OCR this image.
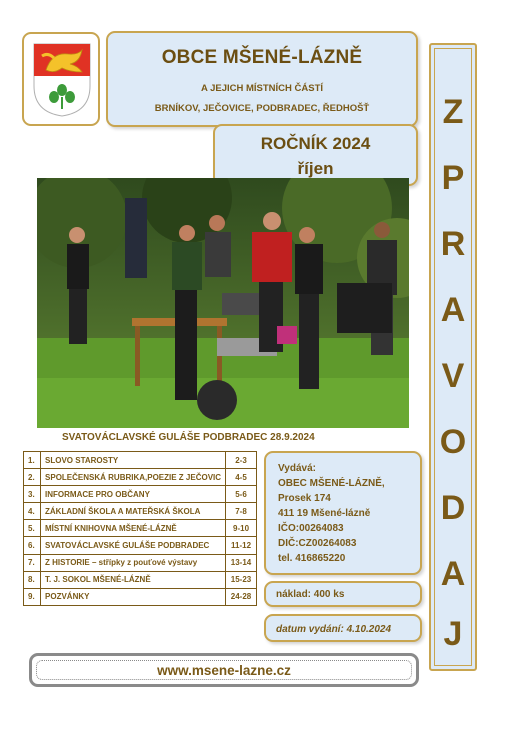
OBCE MŠENÉ-LÁZNĚ
A JEJICH MÍSTNÍCH ČÁSTÍ
BRNÍKOV, JEČOVICE, PODBRADEC, ŘEDHOŠŤ
ROČNÍK 2024
říjen
Z
P
R
A
V
O
D
A
J
SVATOVÁCLAVSKÉ GULÁŠE PODBRADEC 28.9.2024
1.	SLOVO STAROSTY	2-3
2.	SPOLEČENSKÁ RUBRIKA,POEZIE Z JEČOVIC	4-5
3.	INFORMACE PRO OBČANY	5-6
4.	ZÁKLADNÍ ŠKOLA A MATEŘSKÁ ŠKOLA	7-8
5.	MÍSTNÍ KNIHOVNA MŠENÉ-LÁZNĚ	9-10
6.	SVATOVÁCLAVSKÉ GULÁŠE PODBRADEC	11-12
7.	Z HISTORIE – střípky z pouťové výstavy	13-14
8.	T. J. SOKOL MŠENÉ-LÁZNĚ	15-23
9.	POZVÁNKY	24-28
Vydává:
OBEC MŠENÉ-LÁZNĚ,
Prosek 174
411 19 Mšené-lázně
IČO:00264083
DIČ:CZ00264083
tel. 416865220
náklad: 400 ks
datum vydání: 4.10.2024
www.msene-lazne.cz
